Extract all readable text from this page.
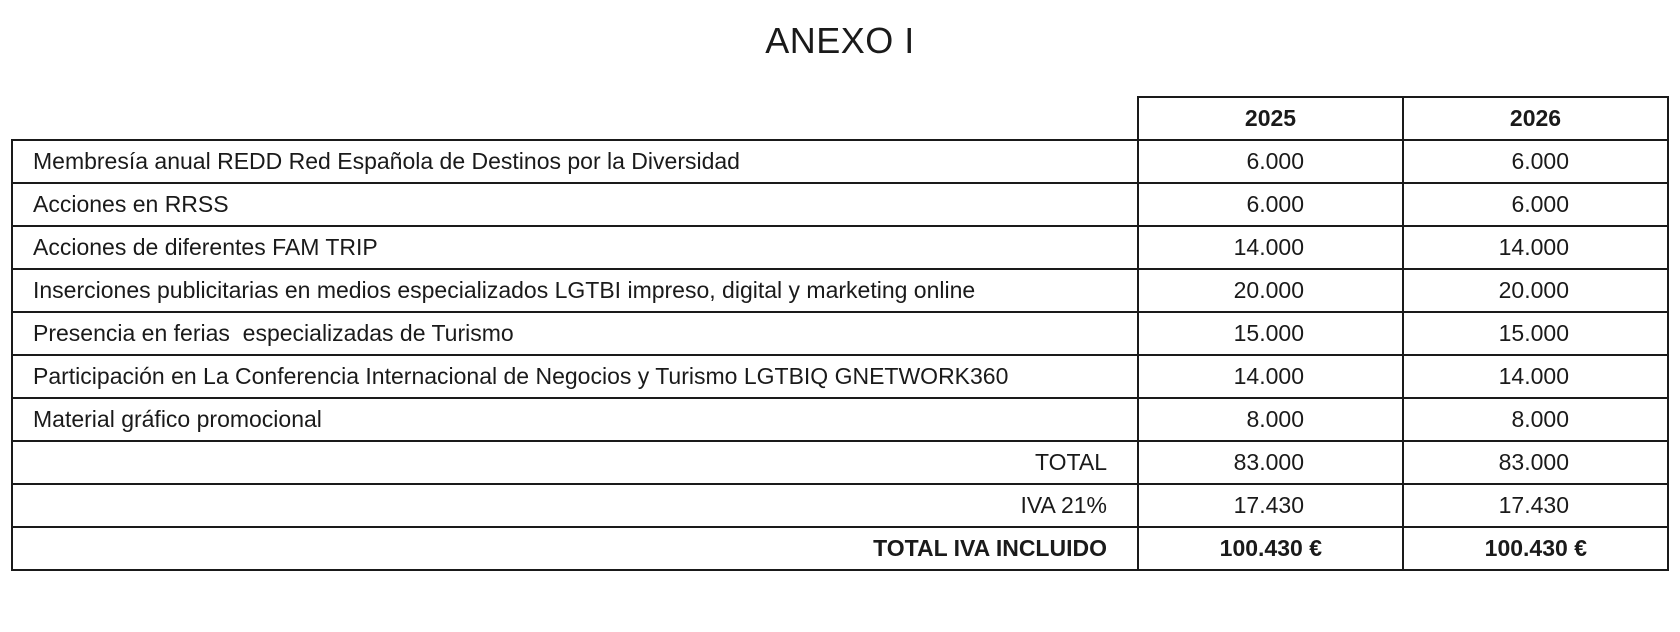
ANEXO I
	2025	2026
Membresía anual REDD Red Española de Destinos por la Diversidad	6.000	6.000
Acciones en RRSS	6.000	6.000
Acciones de diferentes FAM TRIP	14.000	14.000
Inserciones publicitarias en medios especializados LGTBI impreso, digital y marketing online	20.000	20.000
Presencia en ferias  especializadas de Turismo	15.000	15.000
Participación en La Conferencia Internacional de Negocios y Turismo LGTBIQ GNETWORK360	14.000	14.000
Material gráfico promocional	8.000	8.000
TOTAL	83.000	83.000
IVA 21%	17.430	17.430
TOTAL IVA INCLUIDO	100.430 €	100.430 €
